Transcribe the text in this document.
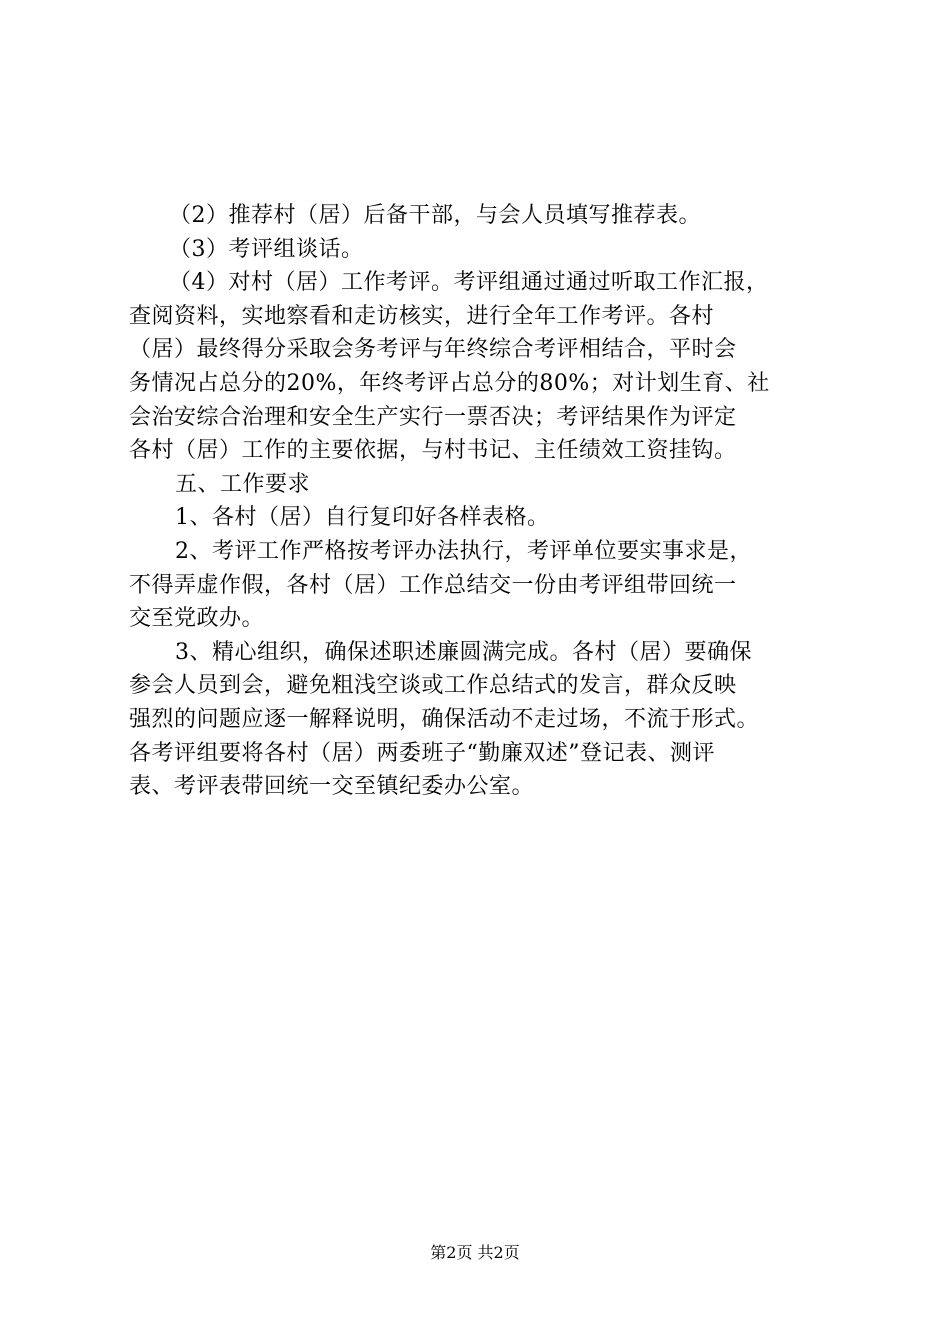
（2）推荐村（居）后备干部，与会人员填写推荐表。
（3）考评组谈话。
（4）对村（居）工作考评。考评组通过通过听取工作汇报，
查阅资料，实地察看和走访核实，进行全年工作考评。各村
（居）最终得分采取会务考评与年终综合考评相结合，平时会
务情况占总分的20%，年终考评占总分的80%；对计划生育、社
会治安综合治理和安全生产实行一票否决；考评结果作为评定
各村（居）工作的主要依据，与村书记、主任绩效工资挂钩。
五、工作要求
1、各村（居）自行复印好各样表格。
2、考评工作严格按考评办法执行，考评单位要实事求是，
不得弄虚作假，各村（居）工作总结交一份由考评组带回统一
交至党政办。
3、精心组织，确保述职述廉圆满完成。各村（居）要确保
参会人员到会，避免粗浅空谈或工作总结式的发言，群众反映
强烈的问题应逐一解释说明，确保活动不走过场，不流于形式。
各考评组要将各村（居）两委班子“勤廉双述”登记表、测评
表、考评表带回统一交至镇纪委办公室。
第2页 共2页
